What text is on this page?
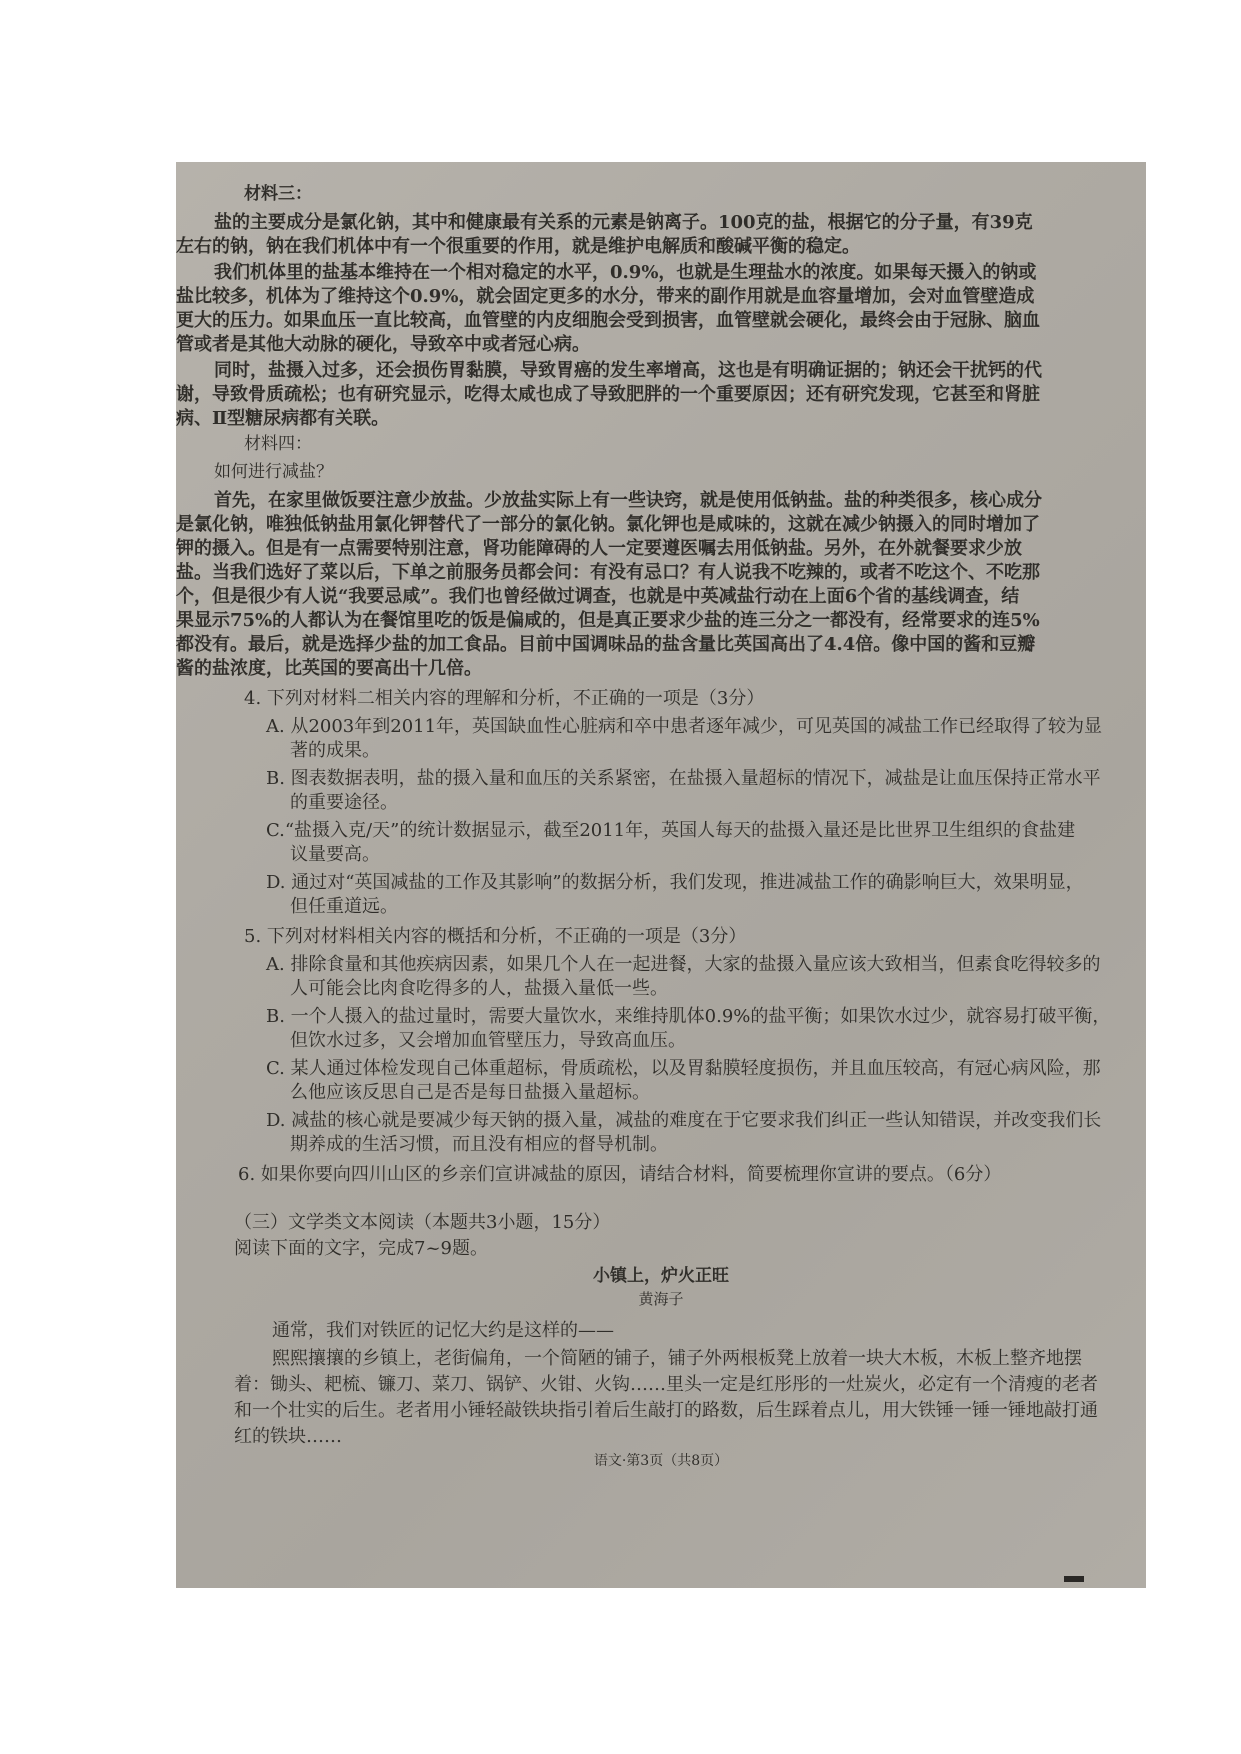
材料三：
盐的主要成分是氯化钠，其中和健康最有关系的元素是钠离子。100克的盐，根据它的分子量，有39克
左右的钠，钠在我们机体中有一个很重要的作用，就是维护电解质和酸碱平衡的稳定。
我们机体里的盐基本维持在一个相对稳定的水平，0.9%，也就是生理盐水的浓度。如果每天摄入的钠或
盐比较多，机体为了维持这个0.9%，就会固定更多的水分，带来的副作用就是血容量增加，会对血管壁造成
更大的压力。如果血压一直比较高，血管壁的内皮细胞会受到损害，血管壁就会硬化，最终会由于冠脉、脑血
管或者是其他大动脉的硬化，导致卒中或者冠心病。
同时，盐摄入过多，还会损伤胃黏膜，导致胃癌的发生率增高，这也是有明确证据的；钠还会干扰钙的代
谢，导致骨质疏松；也有研究显示，吃得太咸也成了导致肥胖的一个重要原因；还有研究发现，它甚至和肾脏
病、Ⅱ型糖尿病都有关联。
材料四：
如何进行减盐？
首先，在家里做饭要注意少放盐。少放盐实际上有一些诀窍，就是使用低钠盐。盐的种类很多，核心成分
是氯化钠，唯独低钠盐用氯化钾替代了一部分的氯化钠。氯化钾也是咸味的，这就在减少钠摄入的同时增加了
钾的摄入。但是有一点需要特别注意，肾功能障碍的人一定要遵医嘱去用低钠盐。另外，在外就餐要求少放
盐。当我们选好了菜以后，下单之前服务员都会问：有没有忌口？有人说我不吃辣的，或者不吃这个、不吃那
个，但是很少有人说“我要忌咸”。我们也曾经做过调查，也就是中英减盐行动在上面6个省的基线调查，结
果显示75%的人都认为在餐馆里吃的饭是偏咸的，但是真正要求少盐的连三分之一都没有，经常要求的连5%
都没有。最后，就是选择少盐的加工食品。目前中国调味品的盐含量比英国高出了4.4倍。像中国的酱和豆瓣
酱的盐浓度，比英国的要高出十几倍。
4. 下列对材料二相关内容的理解和分析，不正确的一项是（3分）
A. 从2003年到2011年，英国缺血性心脏病和卒中患者逐年减少，可见英国的减盐工作已经取得了较为显
著的成果。
B. 图表数据表明，盐的摄入量和血压的关系紧密，在盐摄入量超标的情况下，减盐是让血压保持正常水平
的重要途径。
C.“盐摄入克/天”的统计数据显示，截至2011年，英国人每天的盐摄入量还是比世界卫生组织的食盐建
议量要高。
D. 通过对“英国减盐的工作及其影响”的数据分析，我们发现，推进减盐工作的确影响巨大，效果明显，
但任重道远。
5. 下列对材料相关内容的概括和分析，不正确的一项是（3分）
A. 排除食量和其他疾病因素，如果几个人在一起进餐，大家的盐摄入量应该大致相当，但素食吃得较多的
人可能会比肉食吃得多的人，盐摄入量低一些。
B. 一个人摄入的盐过量时，需要大量饮水，来维持肌体0.9%的盐平衡；如果饮水过少，就容易打破平衡，
但饮水过多，又会增加血管壁压力，导致高血压。
C. 某人通过体检发现自己体重超标，骨质疏松，以及胃黏膜轻度损伤，并且血压较高，有冠心病风险，那
么他应该反思自己是否是每日盐摄入量超标。
D. 减盐的核心就是要减少每天钠的摄入量，减盐的难度在于它要求我们纠正一些认知错误，并改变我们长
期养成的生活习惯，而且没有相应的督导机制。
6. 如果你要向四川山区的乡亲们宣讲减盐的原因，请结合材料，简要梳理你宣讲的要点。（6分）
（三）文学类文本阅读（本题共3小题，15分）
阅读下面的文字，完成7~9题。
小镇上，炉火正旺
黄海子
通常，我们对铁匠的记忆大约是这样的——
熙熙攘攘的乡镇上，老街偏角，一个简陋的铺子，铺子外两根板凳上放着一块大木板，木板上整齐地摆
着：锄头、耙梳、镰刀、菜刀、锅铲、火钳、火钩……里头一定是红彤彤的一灶炭火，必定有一个清瘦的老者
和一个壮实的后生。老者用小锤轻敲铁块指引着后生敲打的路数，后生踩着点儿，用大铁锤一锤一锤地敲打通
红的铁块……
语文·第3页（共8页）
